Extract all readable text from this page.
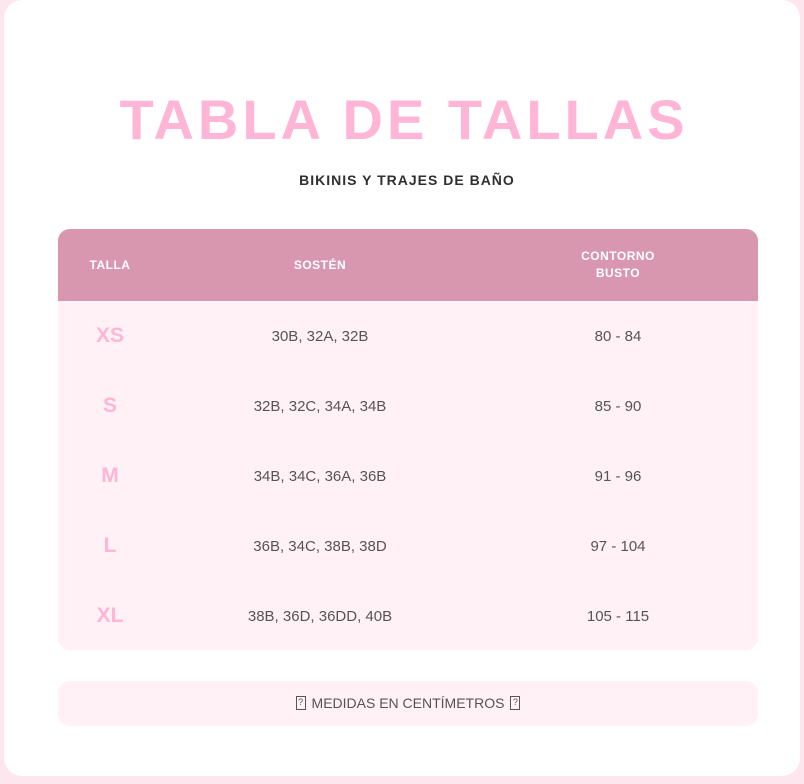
TABLA DE TALLAS
BIKINIS Y TRAJES DE BAÑO
TALLA	SOSTÉN	CONTORNO BUSTO
XS	30B, 32A, 32B	80 - 84
S	32B, 32C, 34A, 34B	85 - 90
M	34B, 34C, 36A, 36B	91 - 96
L	36B, 34C, 38B, 38D	97 - 104
XL	38B, 36D, 36DD, 40B	105 - 115
? MEDIDAS EN CENTÍMETROS ?
